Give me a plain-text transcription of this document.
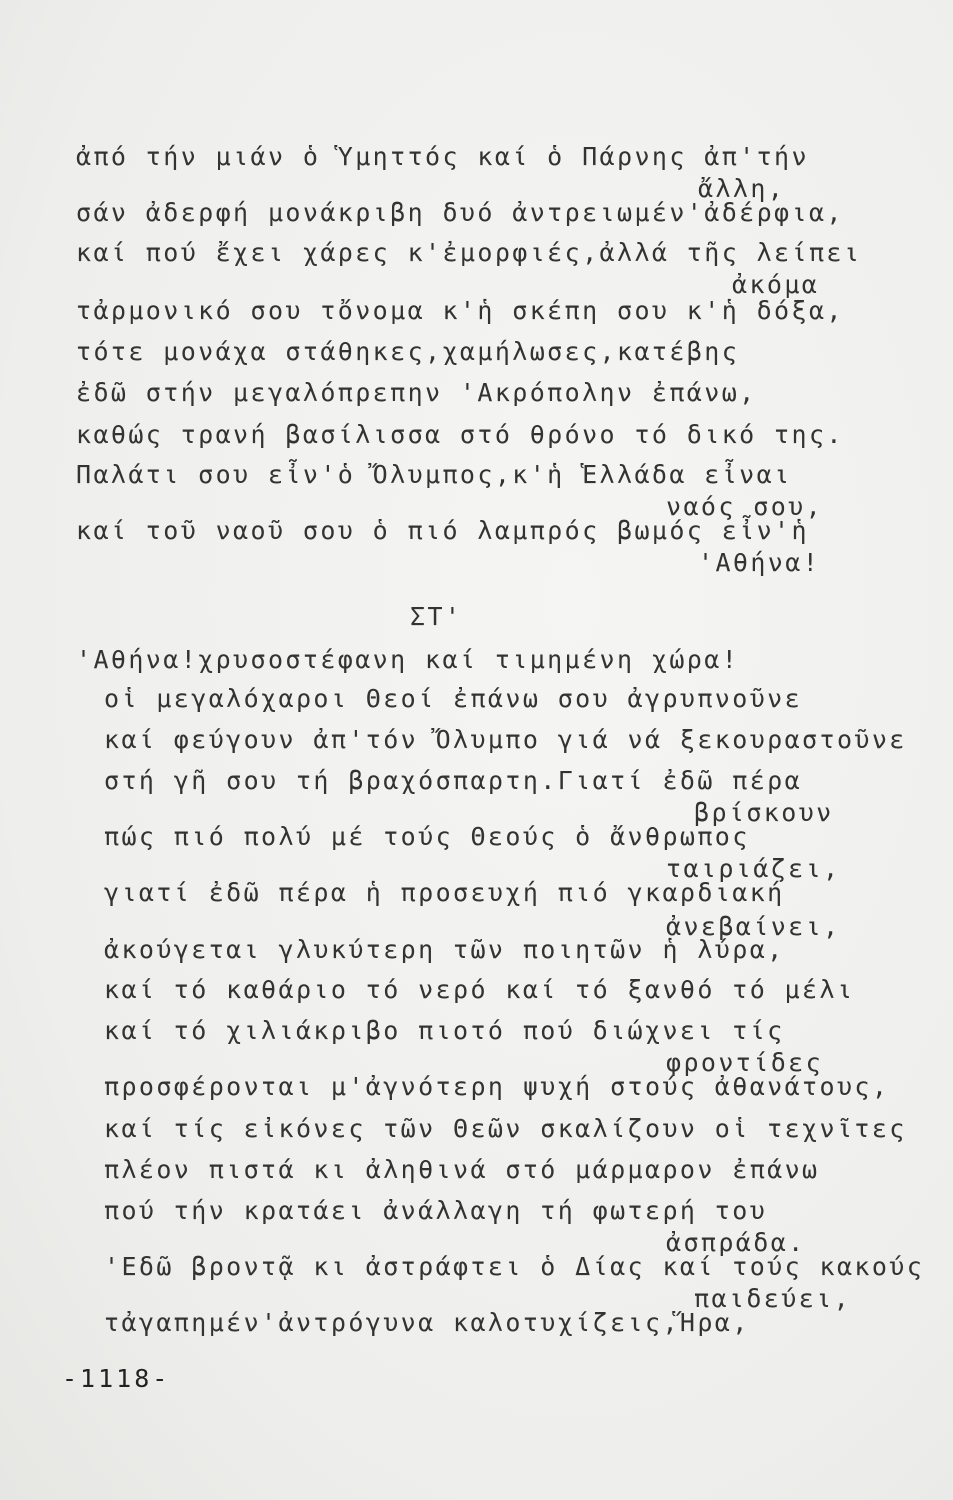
ἀπό τήν μιάν ὁ Ὑμηττός καί ὁ Πάρνης ἀπ'τήν
ἄλλη,
σάν ἀδερφή μονάκριβη δυό ἀντρειωμέν'ἀδέρφια,
καί πού ἔχει χάρες κ'ἐμορφιές,ἀλλά τῆς λείπει
ἀκόμα
τἀρμονικό σου τὄνομα κ'ἡ σκέπη σου κ'ἡ δόξα,
τότε μονάχα στάθηκες,χαμήλωσες,κατέβης
ἐδῶ στήν μεγαλόπρεπην 'Ακρόπολην ἐπάνω,
καθώς τρανή βασίλισσα στό θρόνο τό δικό της.
Παλάτι σου εἶν'ὁ Ὄλυμπος,κ'ἡ Ἑλλάδα εἶναι
ναός σου,
καί τοῦ ναοῦ σου ὁ πιό λαμπρός βωμός εἶν'ἡ
'Αθήνα!
ΣΤ'
'Αθήνα!χρυσοστέφανη καί τιμημένη χώρα!
οἱ μεγαλόχαροι Θεοί ἐπάνω σου ἀγρυπνοῦνε
καί φεύγουν ἀπ'τόν Ὄλυμπο γιά νά ξεκουραστοῦνε
στή γῆ σου τή βραχόσπαρτη.Γιατί ἐδῶ πέρα
βρίσκουν
πώς πιό πολύ μέ τούς Θεούς ὁ ἄνθρωπος
ταιριάζει,
γιατί ἐδῶ πέρα ἡ προσευχή πιό γκαρδιακή
ἀνεβαίνει,
ἀκούγεται γλυκύτερη τῶν ποιητῶν ἡ λύρα,
καί τό καθάριο τό νερό καί τό ξανθό τό μέλι
καί τό χιλιάκριβο πιοτό πού διώχνει τίς
φροντίδες
προσφέρονται μ'ἀγνότερη ψυχή στούς ἀθανάτους,
καί τίς εἰκόνες τῶν Θεῶν σκαλίζουν οἱ τεχνῖτες
πλέον πιστά κι ἀληθινά στό μάρμαρον ἐπάνω
πού τήν κρατάει ἀνάλλαγη τή φωτερή του
ἀσπράδα.
'Εδῶ βροντᾷ κι ἀστράφτει ὁ Δίας καί τούς κακούς
παιδεύει,
τἀγαπημέν'ἀντρόγυνα καλοτυχίζεις,Ἥρα,
-1118-
